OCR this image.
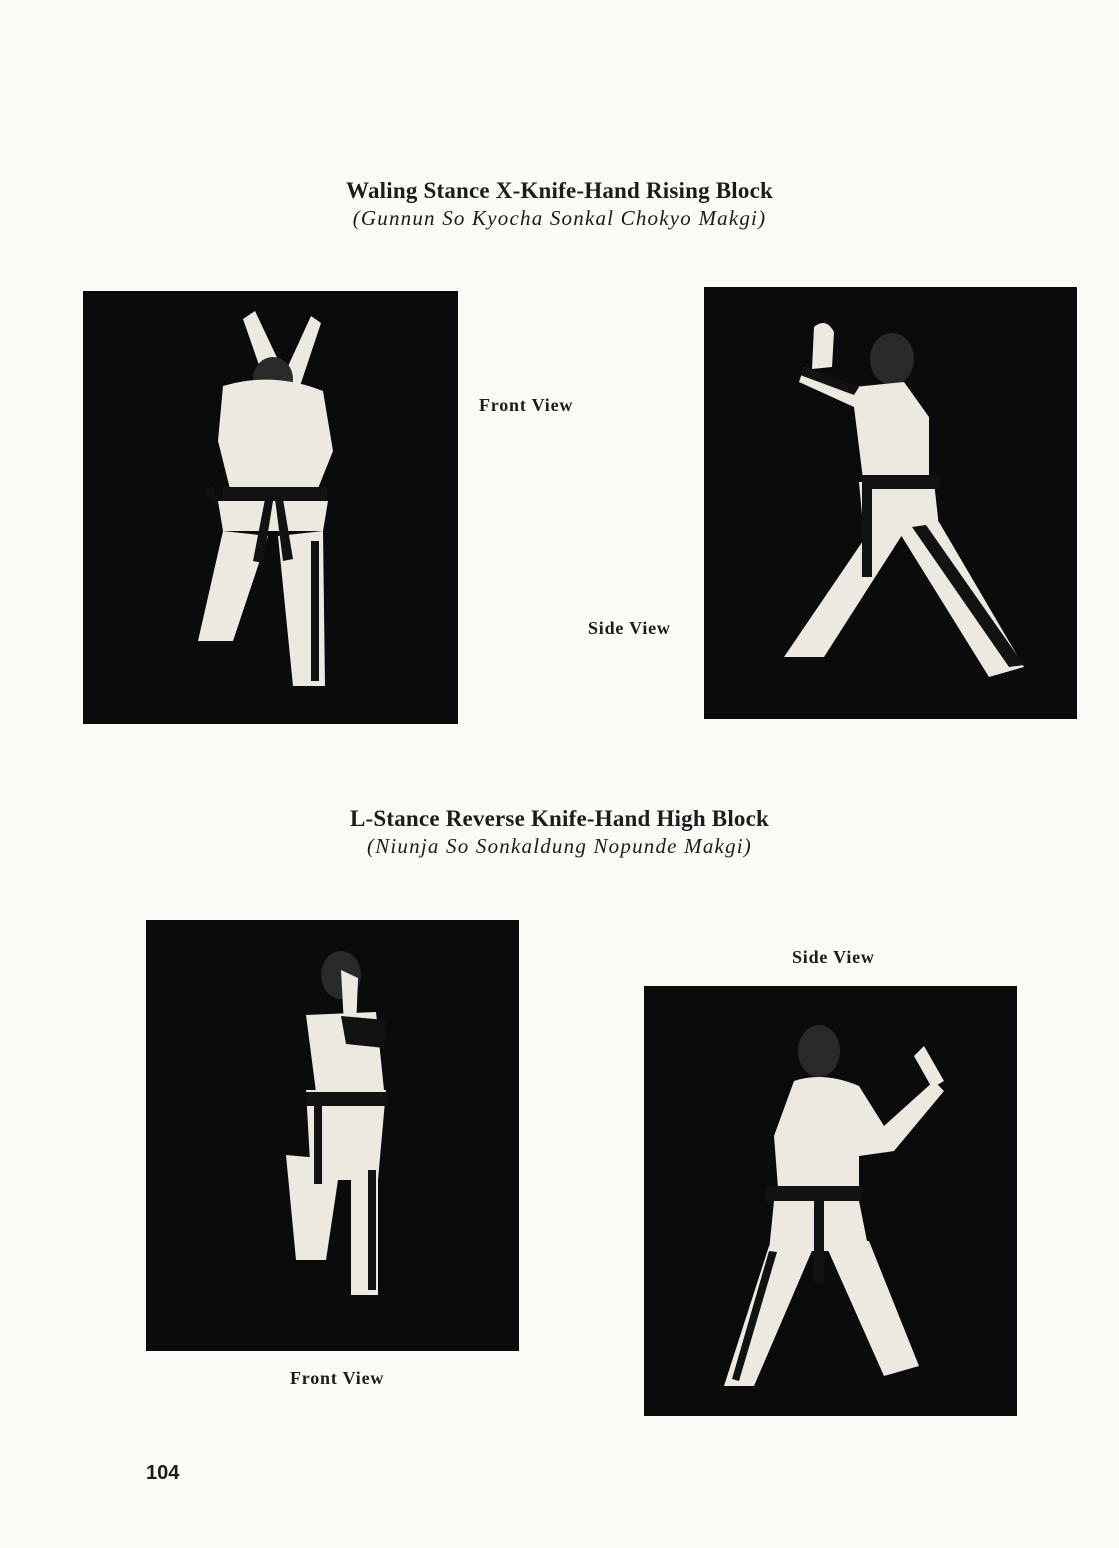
Waling Stance X-Knife-Hand Rising Block
(Gunnun So Kyocha Sonkal Chokyo Makgi)
Front View
Side View
L-Stance Reverse Knife-Hand High Block
(Niunja So Sonkaldung Nopunde Makgi)
Front View
Side View
104
